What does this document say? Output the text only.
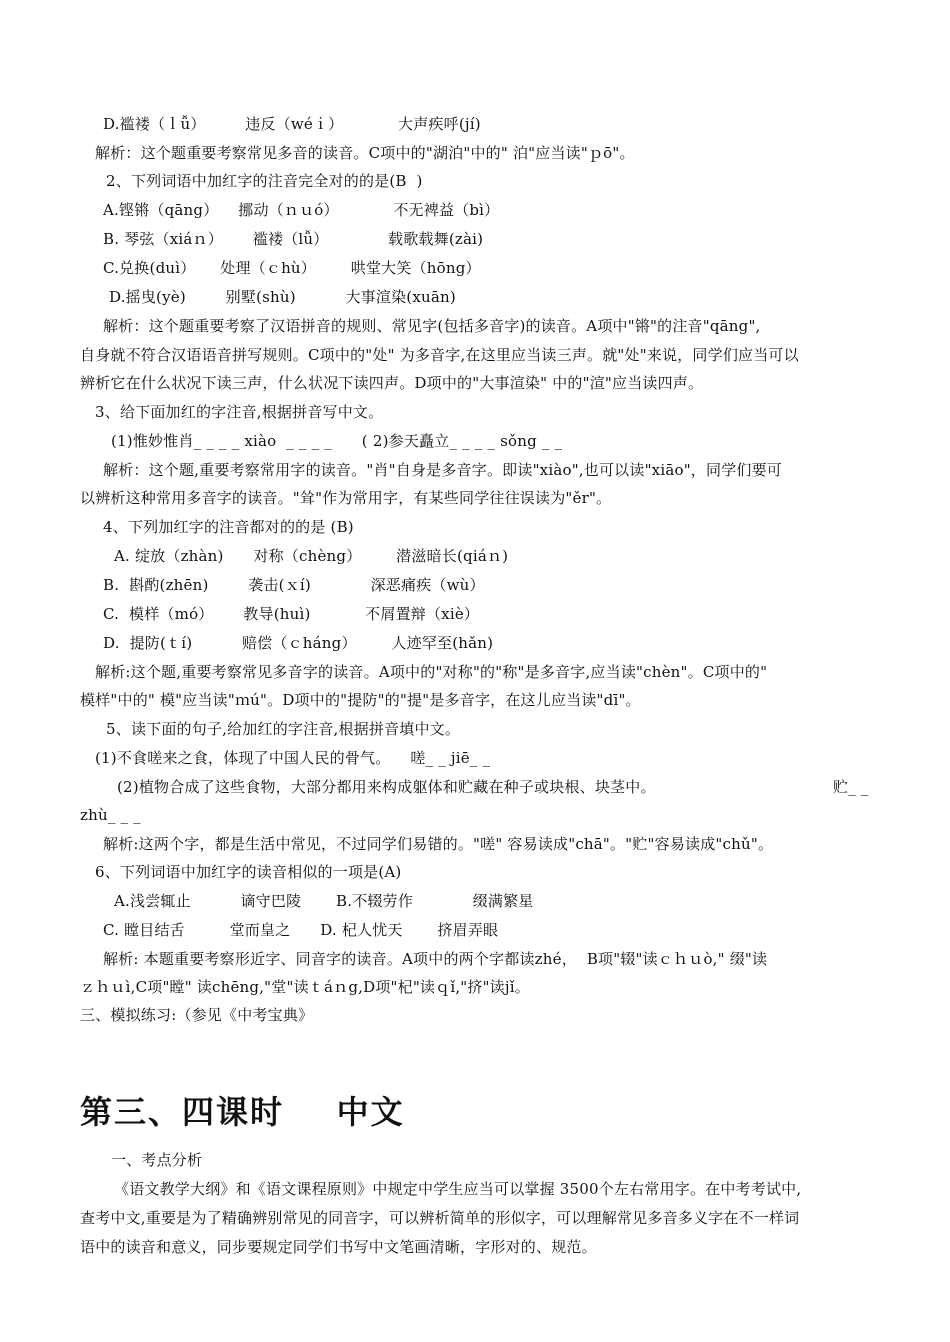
D.褴褛（ｌǚ）        违反（wéｉ）           大声疾呼(jí)
解析：这个题重要考察常见多音的读音。C项中的"湖泊"中的" 泊"应当读"ｐō"。
2、下列词语中加红字的注音完全对的的是(B  )
A.铿锵（qāng）    挪动（ｎｕó）           不无裨益（bì）
B. 琴弦（xiáｎ）      褴褛（lǚ）            载歌载舞(zài)
C.兑换(duì）     处理（ｃhù）       哄堂大笑（hōng）
D.摇曳(yè)        别墅(shù)          大事渲染(xuān)
解析：这个题重要考察了汉语拼音的规则、常见字(包括多音字)的读音。A项中"锵"的注音"qāng",
自身就不符合汉语语音拼写规则。C项中的"处" 为多音字,在这里应当读三声。就"处"来说，同学们应当可以
辨析它在什么状况下读三声，什么状况下读四声。D项中的"大事渲染" 中的"渲"应当读四声。
3、给下面加红的字注音,根据拼音写中文。
(1)惟妙惟肖_ _ _ _ xiào  _ _ _ _      ( 2)参天矗立_ _ _ _ sǒng _ _
解析：这个题,重要考察常用字的读音。"肖"自身是多音字。即读"xiào",也可以读"xiāo"，同学们要可
以辨析这种常用多音字的读音。"耸"作为常用字，有某些同学往往误读为"ěr"。
4、下列加红字的注音都对的的是 (B)
A. 绽放（zhàn)      对称（chèng）       潜滋暗长(qiáｎ)
B.  斟酌(zhēn)        袭击(ｘí)            深恶痛疾（wù）
C.  模样（mó）      教导(huì)           不屑置辩（xiè）
D.  提防(ｔí)          赔偿（ｃháng）       人迹罕至(hǎn)
解析:这个题,重要考察常见多音字的读音。A项中的"对称"的"称"是多音字,应当读"chèn"。C项中的"
模样"中的" 模"应当读"ｍú"。D项中的"提防"的"提"是多音字，在这儿应当读"dī"。
5、读下面的句子,给加红的字注音,根据拼音填中文。
(1)不食嗟来之食，体现了中国人民的骨气。    嗟_ _ jiē_ _
(2)植物合成了这些食物，大部分都用来构成躯体和贮藏在种子或块根、块茎中。	贮_ _
zhù_ _ _
解析:这两个字，都是生活中常见，不过同学们易错的。"嗟" 容易读成"chā"。"贮"容易读成"chǔ"。
6、下列词语中加红字的读音相似的一项是(A)
A.浅尝辄止          谪守巴陵       B.不辍劳作            缀满繁星
C. 瞠目结舌         堂而皇之      D. 杞人忧天       挤眉弄眼
解析: 本题重要考察形近字、同音字的读音。A项中的两个字都读zhé，  B项"辍"读ｃｈｕò," 缀"读
ｚｈｕì,C项"瞠" 读chēng,"堂"读ｔáｎg,D项"杞"读ｑǐ,"挤"读jǐ。
三、模拟练习:（参见《中考宝典》
第三、四课时    中文
一、考点分析
《语文教学大纲》和《语文课程原则》中规定中学生应当可以掌握 3500个左右常用字。在中考考试中,
查考中文,重要是为了精确辨别常见的同音字，可以辨析简单的形似字，可以理解常见多音多义字在不一样词
语中的读音和意义，同步要规定同学们书写中文笔画清晰，字形对的、规范。
